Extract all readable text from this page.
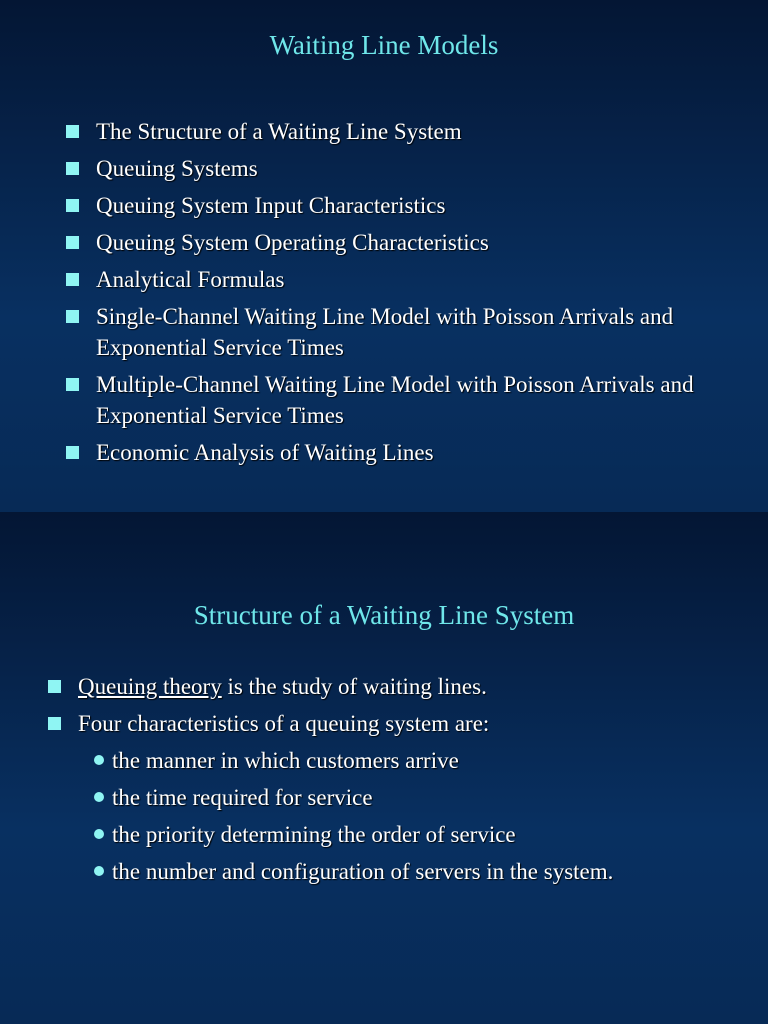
Waiting Line Models
The Structure of a Waiting Line System
Queuing Systems
Queuing System Input Characteristics
Queuing System Operating Characteristics
Analytical Formulas
Single-Channel Waiting Line Model with Poisson Arrivals and Exponential Service Times
Multiple-Channel Waiting Line Model with Poisson Arrivals and Exponential Service Times
Economic Analysis of Waiting Lines
Structure of a Waiting Line System
Queuing theory is the study of waiting lines.
Four characteristics of a queuing system are:
the manner in which customers arrive
the time required for service
the priority determining the order of service
the number and configuration of servers in the system.
